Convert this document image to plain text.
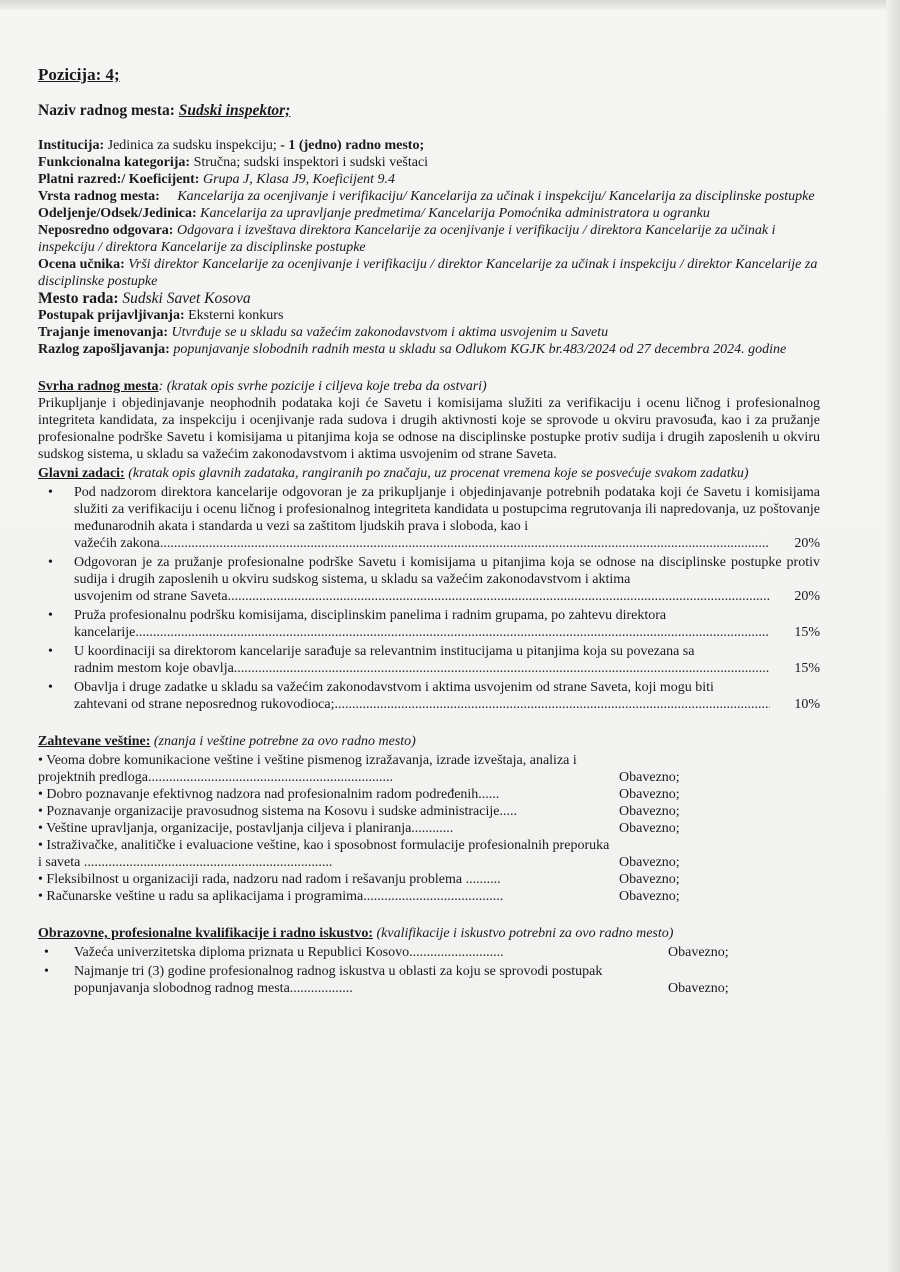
Pozicija: 4;
Naziv radnog mesta: Sudski inspektor;

Institucija: Jedinica za sudsku inspekciju; - 1 (jedno) radno mesto;

Funkcionalna kategorija: Stručna; sudski inspektori i sudski veštaci

Platni razred:/ Koeficijent: Grupa J, Klasa J9, Koeficijent 9.4

Vrsta radnog mesta: Kancelarija za ocenjivanje i verifikaciju/ Kancelarija za učinak i inspekciju/ Kancelarija za disciplinske postupke

Odeljenje/Odsek/Jedinica: Kancelarija za upravljanje predmetima/ Kancelarija Pomoćnika administratora u ogranku

Neposredno odgovara: Odgovara i izveštava direktora Kancelarije za ocenjivanje i verifikaciju / direktora Kancelarije za učinak i inspekciju / direktora Kancelarije za disciplinske postupke

Ocena učnika: Vrši direktor Kancelarije za ocenjivanje i verifikaciju / direktor Kancelarije za učinak i inspekciju / direktor Kancelarije za disciplinske postupke

Mesto rada: Sudski Savet Kosova

Postupak prijavljivanja: Eksterni konkurs

Trajanje imenovanja: Utvrđuje se u skladu sa važećim zakonodavstvom i aktima usvojenim u Savetu

Razlog zapošljavanja: popunjavanje slobodnih radnih mesta u skladu sa Odlukom KGJK br.483/2024 od 27 decembra 2024. godine

Svrha radnog mesta: (kratak opis svrhe pozicije i ciljeva koje treba da ostvari)

Prikupljanje i objedinjavanje neophodnih podataka koji će Savetu i komisijama služiti za verifikaciju i ocenu ličnog i profesionalnog integriteta kandidata, za inspekciju i ocenjivanje rada sudova i drugih aktivnosti koje se sprovode u okviru pravosuđa, kao i za pružanje profesionalne podrške Savetu i komisijama u pitanjima koja se odnose na disciplinske postupke protiv sudija i drugih zaposlenih u okviru sudskog sistema, u skladu sa važećim zakonodavstvom i aktima usvojenim od strane Saveta.

Glavni zadaci: (kratak opis glavnih zadataka, rangiranih po značaju, uz procenat vremena koje se posvećuje svakom zadatku)

• Pod nadzorom direktora kancelarije odgovoran je za prikupljanje i objedinjavanje potrebnih podataka koji će Savetu i komisijama služiti za verifikaciju i ocenu ličnog i profesionalnog integriteta kandidata u postupcima regrutovanja ili napredovanja, uz poštovanje međunarodnih akata i standarda u vezi sa zaštitom ljudskih prava i sloboda, kao i
važećih zakona .....	20%
• Odgovoran je za pružanje profesionalne podrške Savetu i komisijama u pitanjima koja se odnose na disciplinske postupke protiv sudija i drugih zaposlenih u okviru sudskog sistema, u skladu sa važećim zakonodavstvom i aktima
usvojenim od strane Saveta .....	20%
• Pruža profesionalnu podršku komisijama, disciplinskim panelima i radnim grupama, po zahtevu direktora
kancelarije .....	15%
• U koordinaciji sa direktorom kancelarije sarađuje sa relevantnim institucijama u pitanjima koja su povezana sa
radnim mestom koje obavlja .....	15%
• Obavlja i druge zadatke u skladu sa važećim zakonodavstvom i aktima usvojenim od strane Saveta, koji mogu biti
zahtevani od strane neposrednog rukovodioca; .....	10%

Zahtevane veštine: (znanja i veštine potrebne za ovo radno mesto)

• Veoma dobre komunikacione veštine i veštine pismenog izražavanja, izrade izveštaja, analiza i projektnih predloga......................................................................	Obavezno;
• Dobro poznavanje efektivnog nadzora nad profesionalnim radom podređenih......	Obavezno;
• Poznavanje organizacije pravosudnog sistema na Kosovu i sudske administracije.....	Obavezno;
• Veštine upravljanja, organizacije, postavljanja ciljeva i planiranja............	Obavezno;
• Istraživačke, analitičke i evaluacione veštine, kao i sposobnost formulacije profesionalnih preporuka i saveta .......................................................................	Obavezno;
• Fleksibilnost u organizaciji rada, nadzoru nad radom i rešavanju problema ..........	Obavezno;
• Računarske veštine u radu sa aplikacijama i programima........................................	Obavezno;

Obrazovne, profesionalne kvalifikacije i radno iskustvo: (kvalifikacije i iskustvo potrebni za ovo radno mesto)

• Važeća univerzitetska diploma priznata u Republici Kosovo...........................	Obavezno;
• Najmanje tri (3) godine profesionalnog radnog iskustva u oblasti za koju se sprovodi postupak popunjavanja slobodnog radnog mesta..................	Obavezno;
